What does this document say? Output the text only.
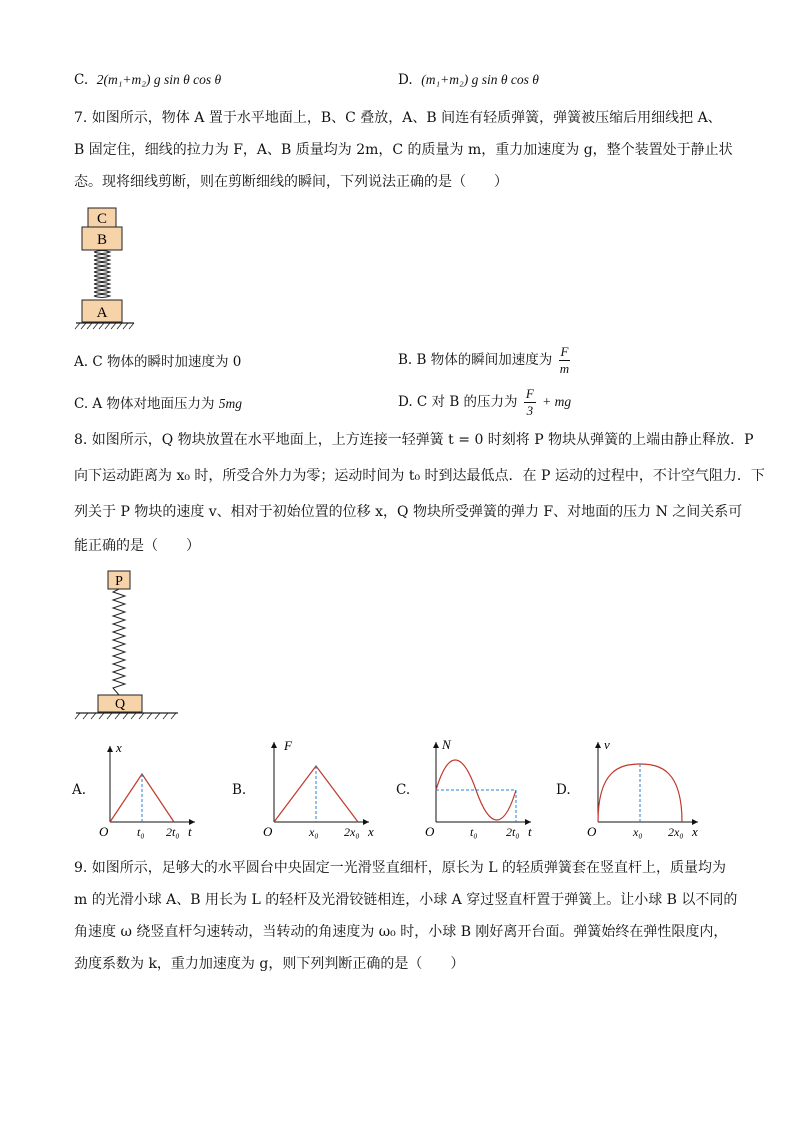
C. 2(m₁+m₂) g sin θ cos θ	D. (m₁+m₂) g sin θ cos θ
7. 如图所示，物体 A 置于水平地面上，B、C 叠放，A、B 间连有轻质弹簧，弹簧被压缩后用细线把 A、
B 固定住，细线的拉力为 F，A、B 质量均为 2m，C 的质量为 m，重力加速度为 g，整个装置处于静止状
态。现将细线剪断，则在剪断细线的瞬间，下列说法正确的是（　　）
C
B
A
A. C 物体的瞬时加速度为 0	B. B 物体的瞬间加速度为 $\frac{F}{m}$
C. A 物体对地面压力为 5mg	D. C 对 B 的压力为 $\frac{F}{3}$ + mg
8. 如图所示，Q 物块放置在水平地面上，上方连接一轻弹簧 t = 0 时刻将 P 物块从弹簧的上端由静止释放．P
向下运动距离为 x₀ 时，所受合外力为零；运动时间为 t₀ 时到达最低点．在 P 运动的过程中，不计空气阻力．下
列关于 P 物块的速度 v、相对于初始位置的位移 x，Q 物块所受弹簧的弹力 F、对地面的压力 N 之间关系可
能正确的是（　　）
P
Q
A.
x
O t₀ 2t₀ t
B.
F
O	x₀ 2x₀ x
C.
N
O	t₀ 2t₀ t
D.
v
O	x₀ 2x₀ x
9. 如图所示，足够大的水平圆台中央固定一光滑竖直细杆，原长为 L 的轻质弹簧套在竖直杆上，质量均为
m 的光滑小球 A、B 用长为 L 的轻杆及光滑铰链相连，小球 A 穿过竖直杆置于弹簧上。让小球 B 以不同的
角速度 ω 绕竖直杆匀速转动，当转动的角速度为 ω₀ 时，小球 B 刚好离开台面。弹簧始终在弹性限度内，
劲度系数为 k，重力加速度为 g，则下列判断正确的是（　　）
